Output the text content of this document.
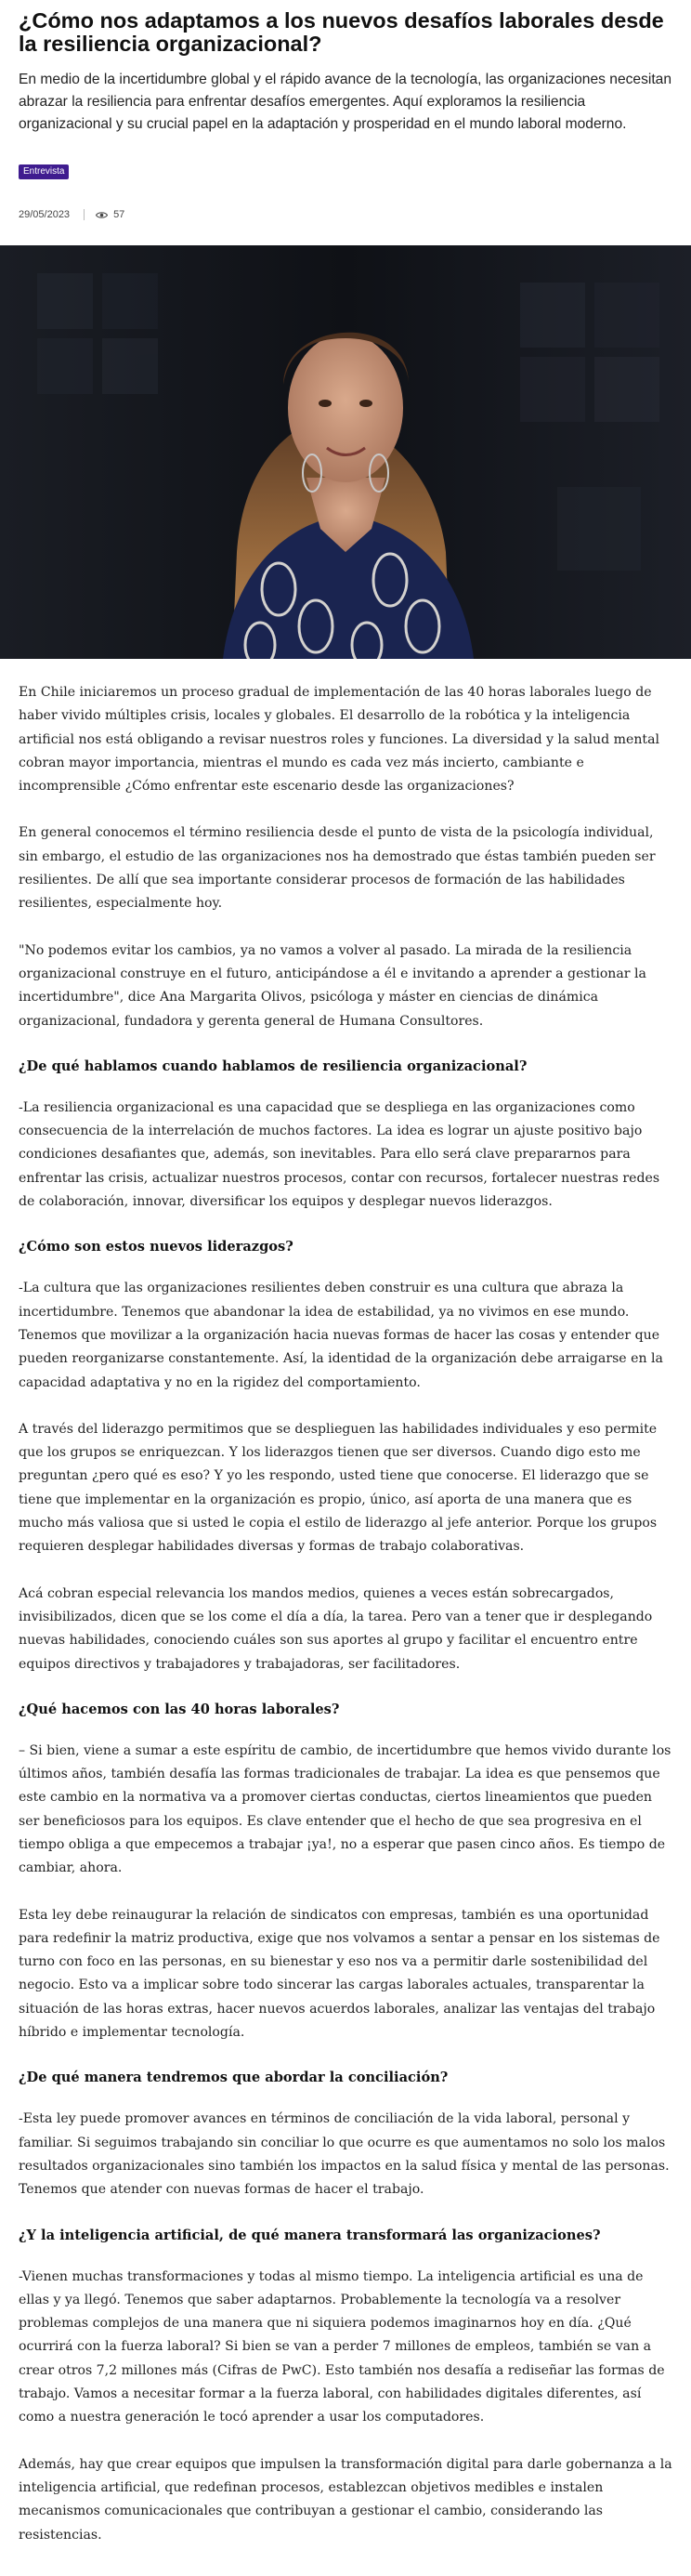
¿Cómo nos adaptamos a los nuevos desafíos laborales desde la resiliencia organizacional?

En medio de la incertidumbre global y el rápido avance de la tecnología, las organizaciones necesitan abrazar la resiliencia para enfrentar desafíos emergentes. Aquí exploramos la resiliencia organizacional y su crucial papel en la adaptación y prosperidad en el mundo laboral moderno.

Entrevista
29/05/2023	57

En Chile iniciaremos un proceso gradual de implementación de las 40 horas laborales luego de haber vivido múltiples crisis, locales y globales. El desarrollo de la robótica y la inteligencia artificial nos está obligando a revisar nuestros roles y funciones. La diversidad y la salud mental cobran mayor importancia, mientras el mundo es cada vez más incierto, cambiante e incomprensible ¿Cómo enfrentar este escenario desde las organizaciones?

En general conocemos el término resiliencia desde el punto de vista de la psicología individual, sin embargo, el estudio de las organizaciones nos ha demostrado que éstas también pueden ser resilientes. De allí que sea importante considerar procesos de formación de las habilidades resilientes, especialmente hoy.

"No podemos evitar los cambios, ya no vamos a volver al pasado. La mirada de la resiliencia organizacional construye en el futuro, anticipándose a él e invitando a aprender a gestionar la incertidumbre", dice Ana Margarita Olivos, psicóloga y máster en ciencias de dinámica organizacional, fundadora y gerenta general de Humana Consultores.

¿De qué hablamos cuando hablamos de resiliencia organizacional?

-La resiliencia organizacional es una capacidad que se despliega en las organizaciones como consecuencia de la interrelación de muchos factores. La idea es lograr un ajuste positivo bajo condiciones desafiantes que, además, son inevitables. Para ello será clave prepararnos para enfrentar las crisis, actualizar nuestros procesos, contar con recursos, fortalecer nuestras redes de colaboración, innovar, diversificar los equipos y desplegar nuevos liderazgos.

¿Cómo son estos nuevos liderazgos?

-La cultura que las organizaciones resilientes deben construir es una cultura que abraza la incertidumbre. Tenemos que abandonar la idea de estabilidad, ya no vivimos en ese mundo. Tenemos que movilizar a la organización hacia nuevas formas de hacer las cosas y entender que pueden reorganizarse constantemente. Así, la identidad de la organización debe arraigarse en la capacidad adaptativa y no en la rigidez del comportamiento.

A través del liderazgo permitimos que se desplieguen las habilidades individuales y eso permite que los grupos se enriquezcan. Y los liderazgos tienen que ser diversos. Cuando digo esto me preguntan ¿pero qué es eso? Y yo les respondo, usted tiene que conocerse. El liderazgo que se tiene que implementar en la organización es propio, único, así aporta de una manera que es mucho más valiosa que si usted le copia el estilo de liderazgo al jefe anterior. Porque los grupos requieren desplegar habilidades diversas y formas de trabajo colaborativas.

Acá cobran especial relevancia los mandos medios, quienes a veces están sobrecargados, invisibilizados, dicen que se los come el día a día, la tarea. Pero van a tener que ir desplegando nuevas habilidades, conociendo cuáles son sus aportes al grupo y facilitar el encuentro entre equipos directivos y trabajadores y trabajadoras, ser facilitadores.

¿Qué hacemos con las 40 horas laborales?

– Si bien, viene a sumar a este espíritu de cambio, de incertidumbre que hemos vivido durante los últimos años, también desafía las formas tradicionales de trabajar. La idea es que pensemos que este cambio en la normativa va a promover ciertas conductas, ciertos lineamientos que pueden ser beneficiosos para los equipos. Es clave entender que el hecho de que sea progresiva en el tiempo obliga a que empecemos a trabajar ¡ya!, no a esperar que pasen cinco años. Es tiempo de cambiar, ahora.

Esta ley debe reinaugurar la relación de sindicatos con empresas, también es una oportunidad para redefinir la matriz productiva, exige que nos volvamos a sentar a pensar en los sistemas de turno con foco en las personas, en su bienestar y eso nos va a permitir darle sostenibilidad del negocio. Esto va a implicar sobre todo sincerar las cargas laborales actuales, transparentar la situación de las horas extras, hacer nuevos acuerdos laborales, analizar las ventajas del trabajo híbrido e implementar tecnología.

¿De qué manera tendremos que abordar la conciliación?

-Esta ley puede promover avances en términos de conciliación de la vida laboral, personal y familiar. Si seguimos trabajando sin conciliar lo que ocurre es que aumentamos no solo los malos resultados organizacionales sino también los impactos en la salud física y mental de las personas. Tenemos que atender con nuevas formas de hacer el trabajo.

¿Y la inteligencia artificial, de qué manera transformará las organizaciones?

-Vienen muchas transformaciones y todas al mismo tiempo. La inteligencia artificial es una de ellas y ya llegó. Tenemos que saber adaptarnos. Probablemente la tecnología va a resolver problemas complejos de una manera que ni siquiera podemos imaginarnos hoy en día. ¿Qué ocurrirá con la fuerza laboral? Si bien se van a perder 7 millones de empleos, también se van a crear otros 7,2 millones más (Cifras de PwC). Esto también nos desafía a rediseñar las formas de trabajo. Vamos a necesitar formar a la fuerza laboral, con habilidades digitales diferentes, así como a nuestra generación le tocó aprender a usar los computadores.

Además, hay que crear equipos que impulsen la transformación digital para darle gobernanza a la inteligencia artificial, que redefinan procesos, establezcan objetivos medibles e instalen mecanismos comunicacionales que contribuyan a gestionar el cambio, considerando las resistencias.
